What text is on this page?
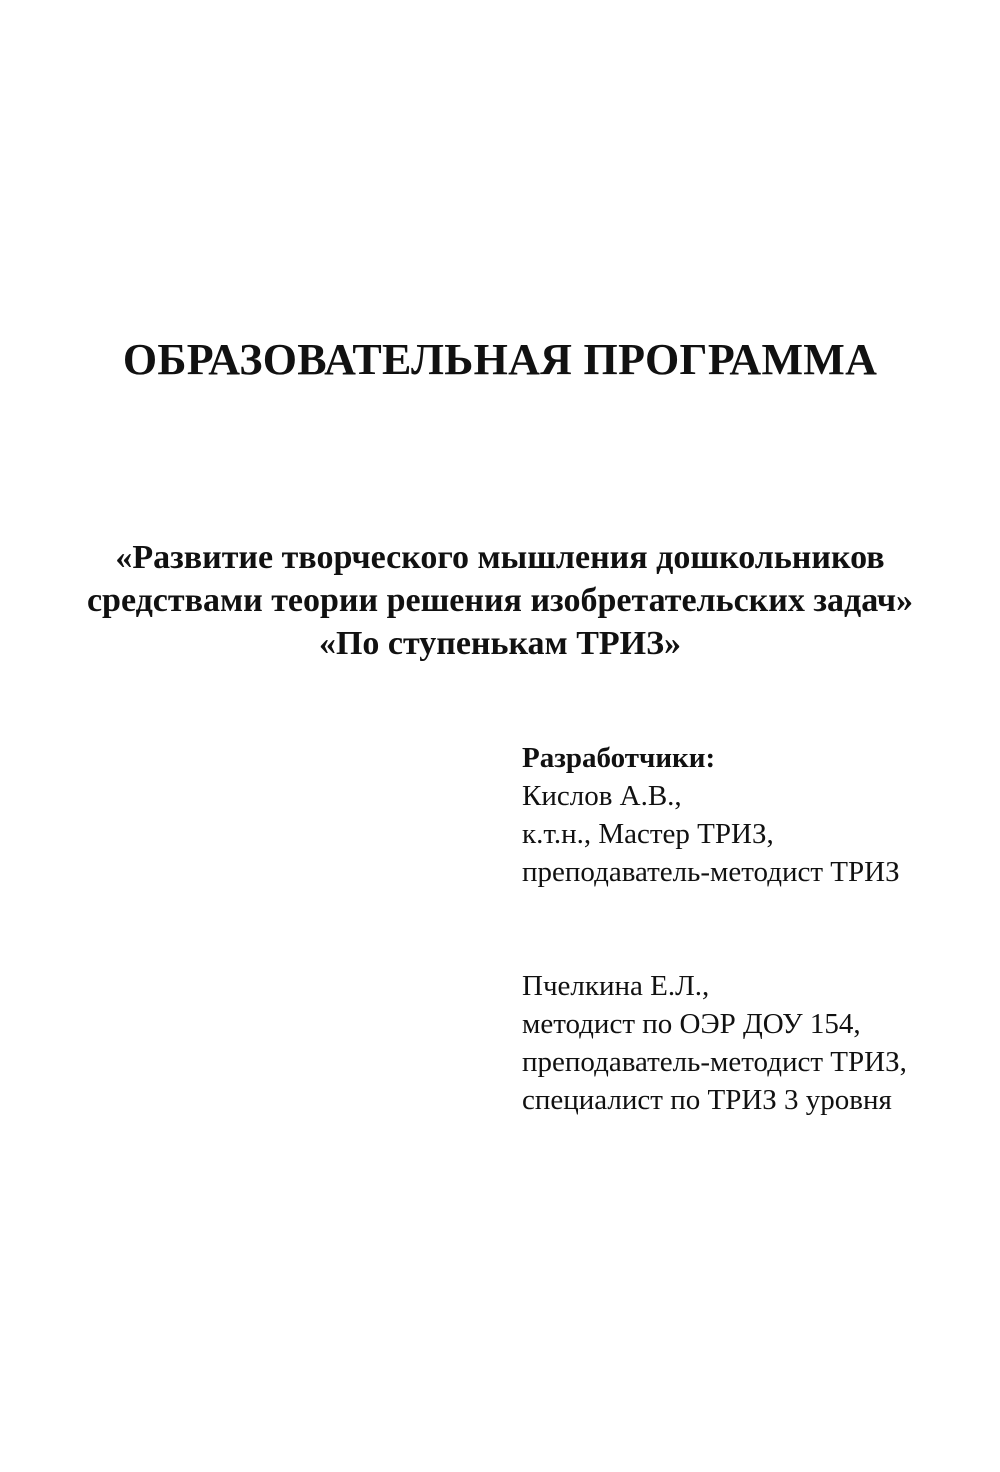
ОБРАЗОВАТЕЛЬНАЯ ПРОГРАММА
«Развитие творческого мышления дошкольников
средствами теории решения изобретательских задач»
«По ступенькам ТРИЗ»
Разработчики:
Кислов А.В.,
к.т.н., Мастер ТРИЗ,
преподаватель-методист ТРИЗ
Пчелкина Е.Л.,
методист по ОЭР ДОУ 154,
преподаватель-методист ТРИЗ,
специалист по ТРИЗ 3 уровня
